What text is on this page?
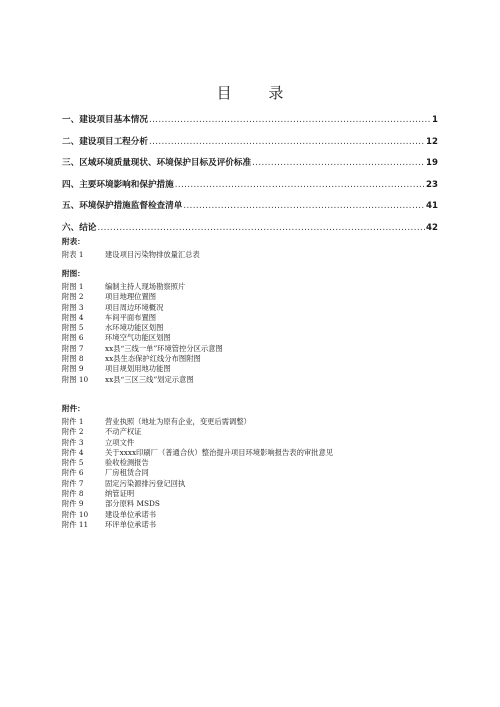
目 录
一、建设项目基本情况 .....	1
二、建设项目工程分析 .....	12
三、区域环境质量现状、环境保护目标及评价标准 .....	19
四、主要环境影响和保护措施 .....	23
五、环境保护措施监督检查清单 .....	41
六、结论 .....	42
附表：
附表 1	建设项目污染物排放量汇总表
附图：
附图 1	编制主持人现场勘察照片
附图 2	项目地理位置图
附图 3	项目周边环境概况
附图 4	车间平面布置图
附图 5	水环境功能区划图
附图 6	环境空气功能区划图
附图 7	xx县“三线一单”环境管控分区示意图
附图 8	xx县生态保护红线分布图附图
附图 9	项目规划用地功能图
附图 10 xx县“三区三线”划定示意图
附件：
附件 1	营业执照（地址为原有企业，变更后需调整）
附件 2	不动产权证
附件 3	立项文件
附件 4	关于xxxx印刷厂（普通合伙）整治提升项目环境影响报告表的审批意见
附件 5	验收检测报告
附件 6	厂房租赁合同
附件 7	固定污染源排污登记回执
附件 8	纳管证明
附件 9	部分原料 MSDS
附件 10 建设单位承诺书
附件 11 环评单位承诺书
